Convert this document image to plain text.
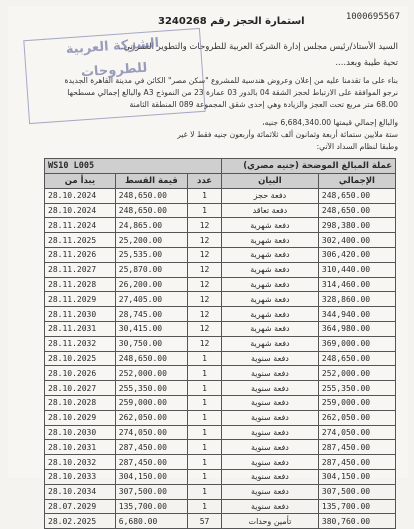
1000695567
استمارة الحجز رقم 3240268
السيد الأستاذ/رئيس مجلس إدارة الشركة العربية للطروحات والتطوير العمراني..
تحية طيبة وبعد....
الشركة العربية
للطروحات
بناء على ما تقدمنا عليه من إعلان وعروض هندسية للمشروع "سكن مصر" الكائن في مدينة القاهرة الجديدة
نرجو الموافقة على الارتباط لحجز الشقة 04 بالدور 03 عمارة 23 من النموذج A3 والبالغ إجمالي مسطحها
68.00 متر مربع تحت العجز والزيادة وهي إحدى شقق المجموعة 089 المنطقة الثامنة
والبالغ إجمالي قيمتها 6,684,340.00 جنيه،
ستة ملايين ستمائة أربعة وثمانون ألف ثلاثمائة وأربعون جنيه فقط لا غير
وطبقا لنظام السداد الآتي:
WS10 L005			عملة المبالغ الموضحة (جنيه مصري)	
يبدأ من	قيمة القسط	عدد	البيان	الإجمالي
28.10.2024	248,650.00	1	دفعة حجز	248,650.00
28.10.2024	248,650.00	1	دفعة تعاقد	248,650.00
28.11.2024	24,865.00	12	دفعة شهرية	298,380.00
28.11.2025	25,200.00	12	دفعة شهرية	302,400.00
28.11.2026	25,535.00	12	دفعة شهرية	306,420.00
28.11.2027	25,870.00	12	دفعة شهرية	310,440.00
28.11.2028	26,200.00	12	دفعة شهرية	314,460.00
28.11.2029	27,405.00	12	دفعة شهرية	328,860.00
28.11.2030	28,745.00	12	دفعة شهرية	344,940.00
28.11.2031	30,415.00	12	دفعة شهرية	364,980.00
28.11.2032	30,750.00	12	دفعة شهرية	369,000.00
28.10.2025	248,650.00	1	دفعة سنوية	248,650.00
28.10.2026	252,000.00	1	دفعة سنوية	252,000.00
28.10.2027	255,350.00	1	دفعة سنوية	255,350.00
28.10.2028	259,000.00	1	دفعة سنوية	259,000.00
28.10.2029	262,050.00	1	دفعة سنوية	262,050.00
28.10.2030	274,050.00	1	دفعة سنوية	274,050.00
28.10.2031	287,450.00	1	دفعة سنوية	287,450.00
28.10.2032	287,450.00	1	دفعة سنوية	287,450.00
28.10.2033	304,150.00	1	دفعة سنوية	304,150.00
28.10.2034	307,500.00	1	دفعة سنوية	307,500.00
28.07.2029	135,700.00	1	دفعة سنوية	135,700.00
28.02.2025	6,680.00	57	تأمين وحدات	380,760.00
